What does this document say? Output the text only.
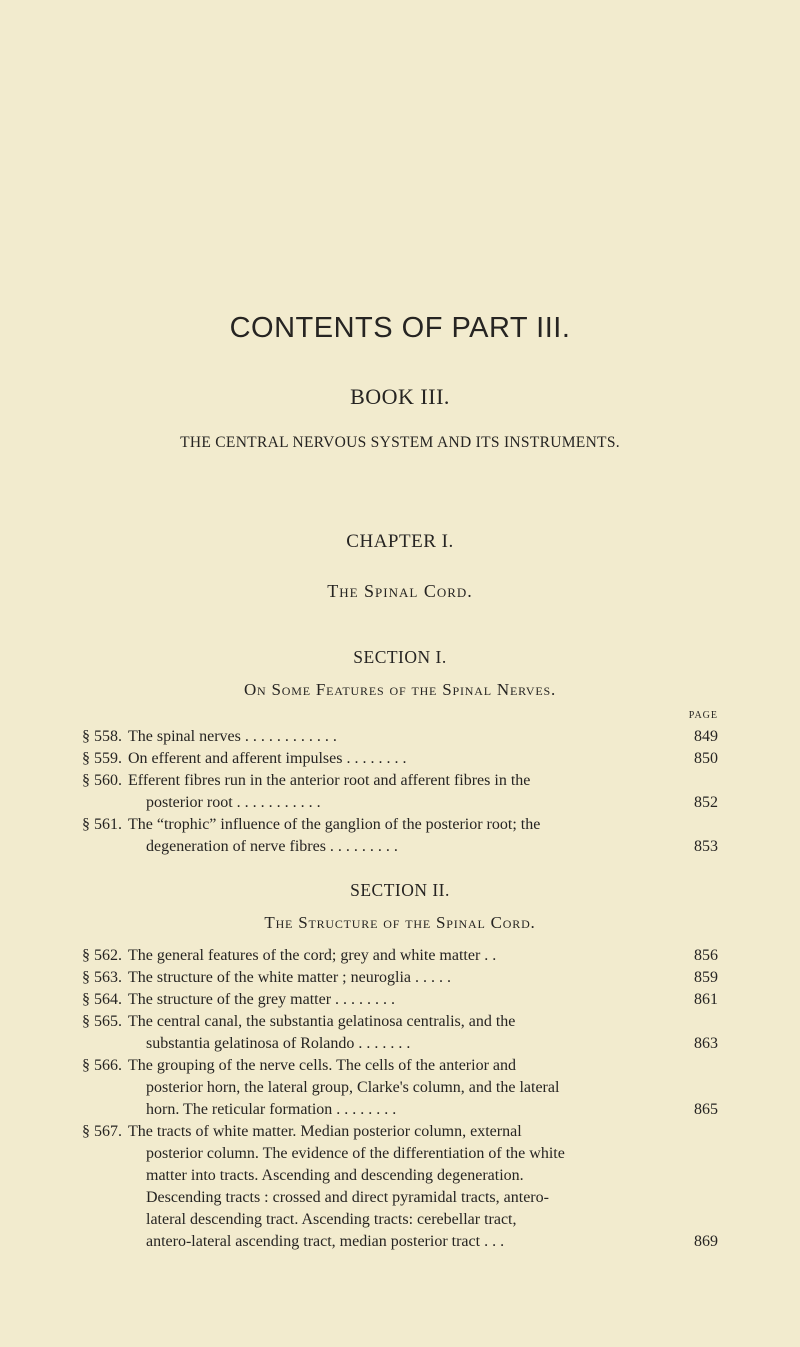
CONTENTS OF PART III.
BOOK III.
THE CENTRAL NERVOUS SYSTEM AND ITS INSTRUMENTS.
CHAPTER I.
The Spinal Cord.
SECTION I.
On Some Features of the Spinal Nerves.
PAGE
§ 558. The spinal nerves . . . . . . . . . . . .	849
§ 559. On efferent and afferent impulses . . . . . . . .	850
§ 560. Efferent fibres run in the anterior root and afferent fibres in the
posterior root . . . . . . . . . . .	852
§ 561. The “trophic” influence of the ganglion of the posterior root; the
degeneration of nerve fibres . . . . . . . . .	853
SECTION II.
The Structure of the Spinal Cord.
§ 562. The general features of the cord; grey and white matter . .	856
§ 563. The structure of the white matter ; neuroglia . . . . .	859
§ 564. The structure of the grey matter . . . . . . . .	861
§ 565. The central canal, the substantia gelatinosa centralis, and the
substantia gelatinosa of Rolando . . . . . . .	863
§ 566. The grouping of the nerve cells. The cells of the anterior and
posterior horn, the lateral group, Clarke's column, and the lateral
horn. The reticular formation . . . . . . . .	865
§ 567. The tracts of white matter. Median posterior column, external
posterior column. The evidence of the differentiation of the white
matter into tracts. Ascending and descending degeneration.
Descending tracts : crossed and direct pyramidal tracts, antero-
lateral descending tract. Ascending tracts: cerebellar tract,
antero-lateral ascending tract, median posterior tract . . .	869
